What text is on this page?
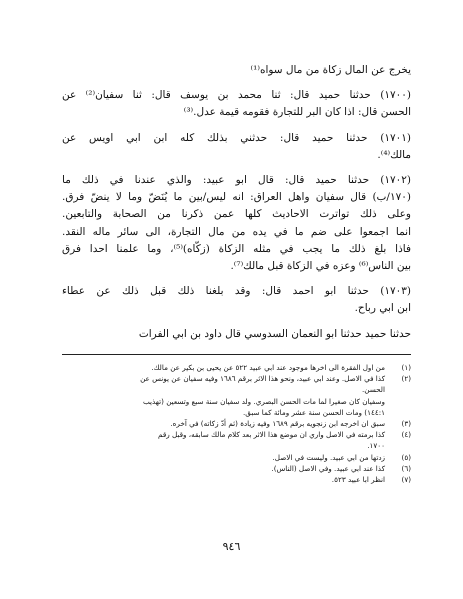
يخرج عن المال زكاة من مال سواه⁽¹⁾
(١٧٠٠) حدثنا حميد قال: ثنا محمد بن يوسف قال: ثنا سفيان⁽²⁾ عن
الحسن قال: اذا كان البر للتجارة فقومه قيمة عدل.⁽³⁾
(١٧٠١) حدثنا حميد قال: حدثني بذلك كله ابن ابي اويس عن
مالك⁽⁴⁾.
(١٧٠٢) حدثنا حميد قال: قال ابو عبيد: والذي عندنا في ذلك ما
(١٧٠/ب) قال سفيان واهل العراق: انه ليس/بين ما يُنَضّ وما لا ينضّ فرق.
وعلى ذلك تواترت الاحاديث كلها عمن ذكرنا من الصحابة والتابعين.
انما اجمعوا على ضم ما في يده من مال التجارة، الى سائر ماله النقد.
فاذا بلغ ذلك ما يجب في مثله الزكاة (زكّاه)⁽⁵⁾، وما علمنا احدا فرق
بين الناس⁽⁶⁾ وعزه في الزكاة قبل مالك⁽⁷⁾.
(١٧٠٣) حدثنا ابو احمد قال: وقد بلغنا ذلك قبل ذلك عن عطاء
ابن ابي رباح.
حدثنا حميد حدثنا ابو النعمان السدوسي قال داود بن ابي الفرات
(١)
من اول الفقرة الى اخرها موجود عند ابي عبيد ٥٢٢ عن يحيى بن بكير عن مالك.
(٢)
كذا في الاصل. وعند ابي عبيد، ونحو هذا الاثر برقم ١٦٨٦ وفيه سفيان عن يونس عن
الحسن.
وسفيان كان صغيرا لما مات الحسن البصري. ولد سفيان سنة سبع وتسعين (تهذيب
١٤٤:١) ومات الحسن سنة عشر ومائة كما سبق.
(٣)
سبق ان اخرجه ابن زنجويه برقم ١٦٨٩ وفيه زيادة (ثم أدّ زكاته) في آخره.
(٤)
كذا برمته في الاصل واري ان موضع هذا الاثر بعد كلام مالك سابقه، وقبل رقم
١٧٠٠.
(٥)
زدتها من ابي عبيد. وليست في الاصل.
(٦)
كذا عند ابي عبيد. وفي الاصل (الناس).
(٧)
انظر ابا عبيد ٥٢٣.
٩٤٦
